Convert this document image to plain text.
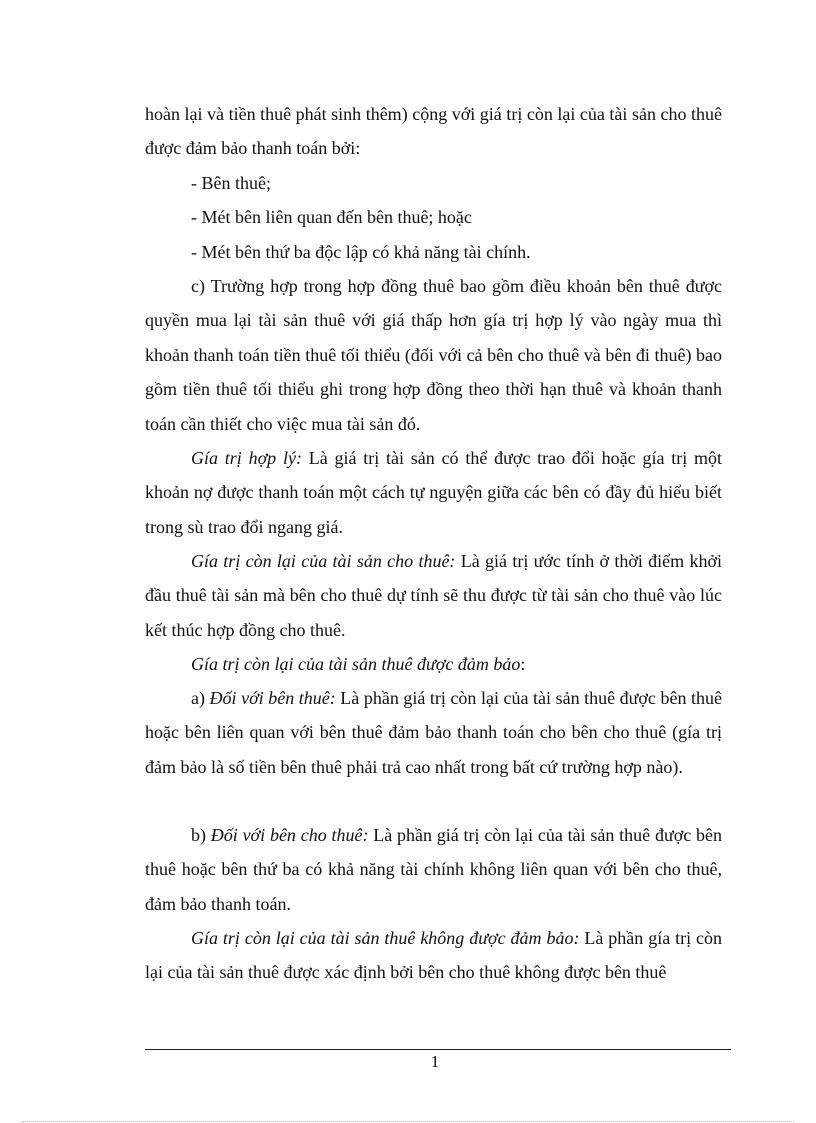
hoàn lại và tiền thuê phát sinh thêm) cộng với giá trị còn lại của tài sản cho thuê được đảm bảo thanh toán bởi:

- Bên thuê;

- Mét bên liên quan đến bên thuê; hoặc

- Mét bên thứ ba độc lập có khả năng tài chính.

c) Trường hợp trong hợp đồng thuê bao gồm điều khoản bên thuê được quyền mua lại tài sản thuê với giá thấp hơn gía trị hợp lý vào ngày mua thì khoản thanh toán tiền thuê tối thiểu (đối với cả bên cho thuê và bên đi thuê) bao gồm tiền thuê tối thiểu ghi trong hợp đồng theo thời hạn thuê và khoản thanh toán cần thiết cho việc mua tài sản đó.

Gía trị hợp lý: Là giá trị tài sản có thể được trao đổi hoặc gía trị một khoản nợ được thanh toán một cách tự nguyện giữa các bên có đầy đủ hiểu biết trong sù trao đổi ngang giá.

Gía trị còn lại của tài sản cho thuê: Là giá trị ước tính ở thời điểm khởi đầu thuê tài sản mà bên cho thuê dự tính sẽ thu được từ tài sản cho thuê vào lúc kết thúc hợp đồng cho thuê.

Gía trị còn lại của tài sản thuê được đảm bảo:

a) Đối với bên thuê: Là phần giá trị còn lại của tài sản thuê được bên thuê hoặc bên liên quan với bên thuê đảm bảo thanh toán cho bên cho thuê (gía trị đảm bảo là số tiền bên thuê phải trả cao nhất trong bất cứ trường hợp nào).

b) Đối với bên cho thuê: Là phần giá trị còn lại của tài sản thuê được bên thuê hoặc bên thứ ba có khả năng tài chính không liên quan với bên cho thuê, đảm bảo thanh toán.

Gía trị còn lại của tài sản thuê không được đảm bảo: Là phần gía trị còn lại của tài sản thuê được xác định bởi bên cho thuê không được bên thuê

1
